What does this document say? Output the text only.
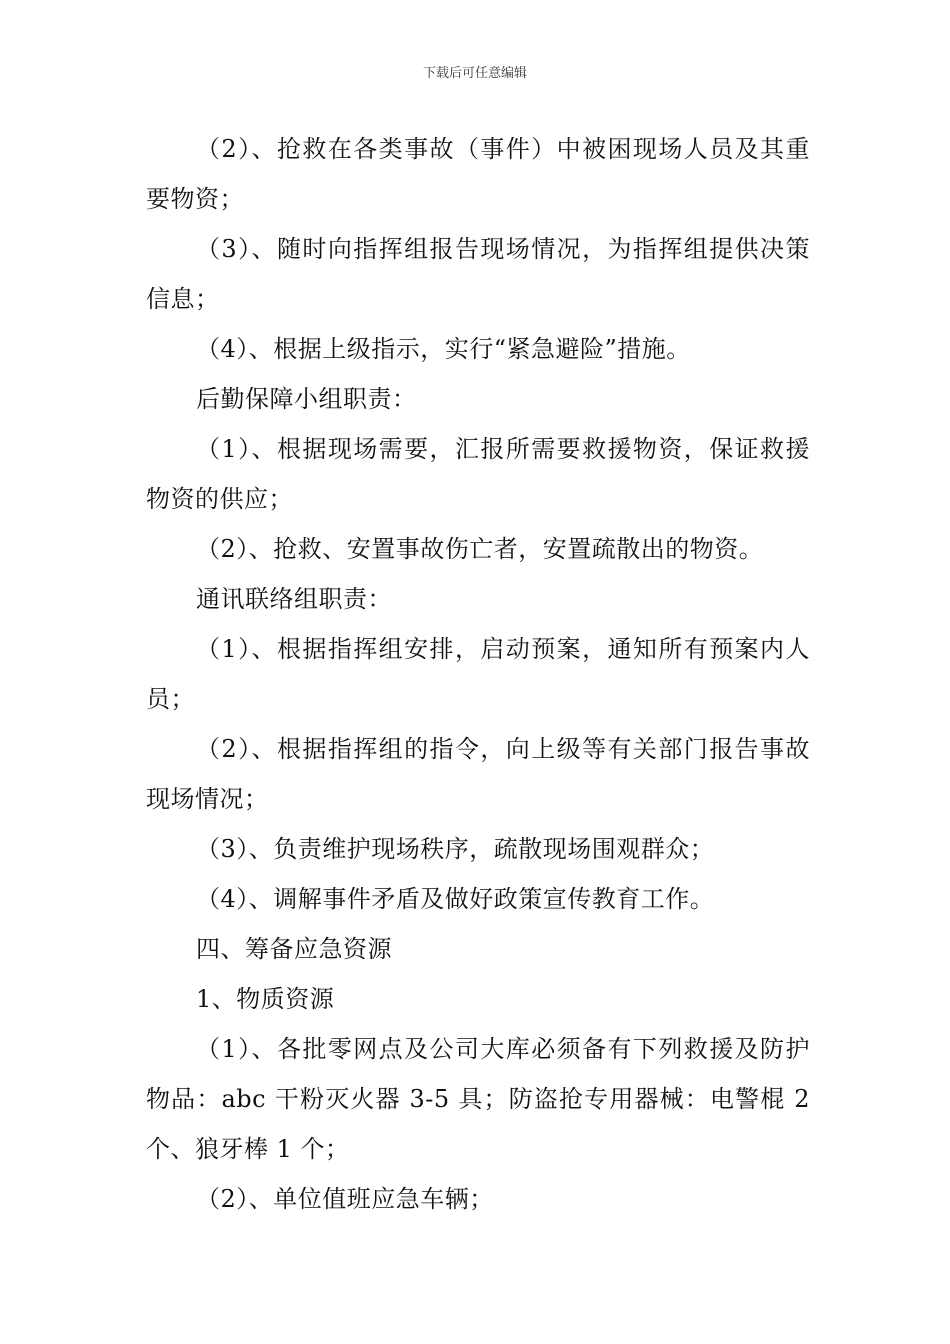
下载后可任意编辑

（2）、抢救在各类事故（事件）中被困现场人员及其重要物资；

（3）、随时向指挥组报告现场情况，为指挥组提供决策信息；

（4）、根据上级指示，实行“紧急避险”措施。

后勤保障小组职责：

（1）、根据现场需要，汇报所需要救援物资，保证救援物资的供应；

（2）、抢救、安置事故伤亡者，安置疏散出的物资。

通讯联络组职责：

（1）、根据指挥组安排，启动预案，通知所有预案内人员；

（2）、根据指挥组的指令，向上级等有关部门报告事故现场情况；

（3）、负责维护现场秩序，疏散现场围观群众；

（4）、调解事件矛盾及做好政策宣传教育工作。

四、筹备应急资源

1、物质资源

（1）、各批零网点及公司大库必须备有下列救援及防护物品：abc 干粉灭火器 3-5 具；防盗抢专用器械：电警棍 2 个、狼牙棒 1 个；

（2）、单位值班应急车辆；
